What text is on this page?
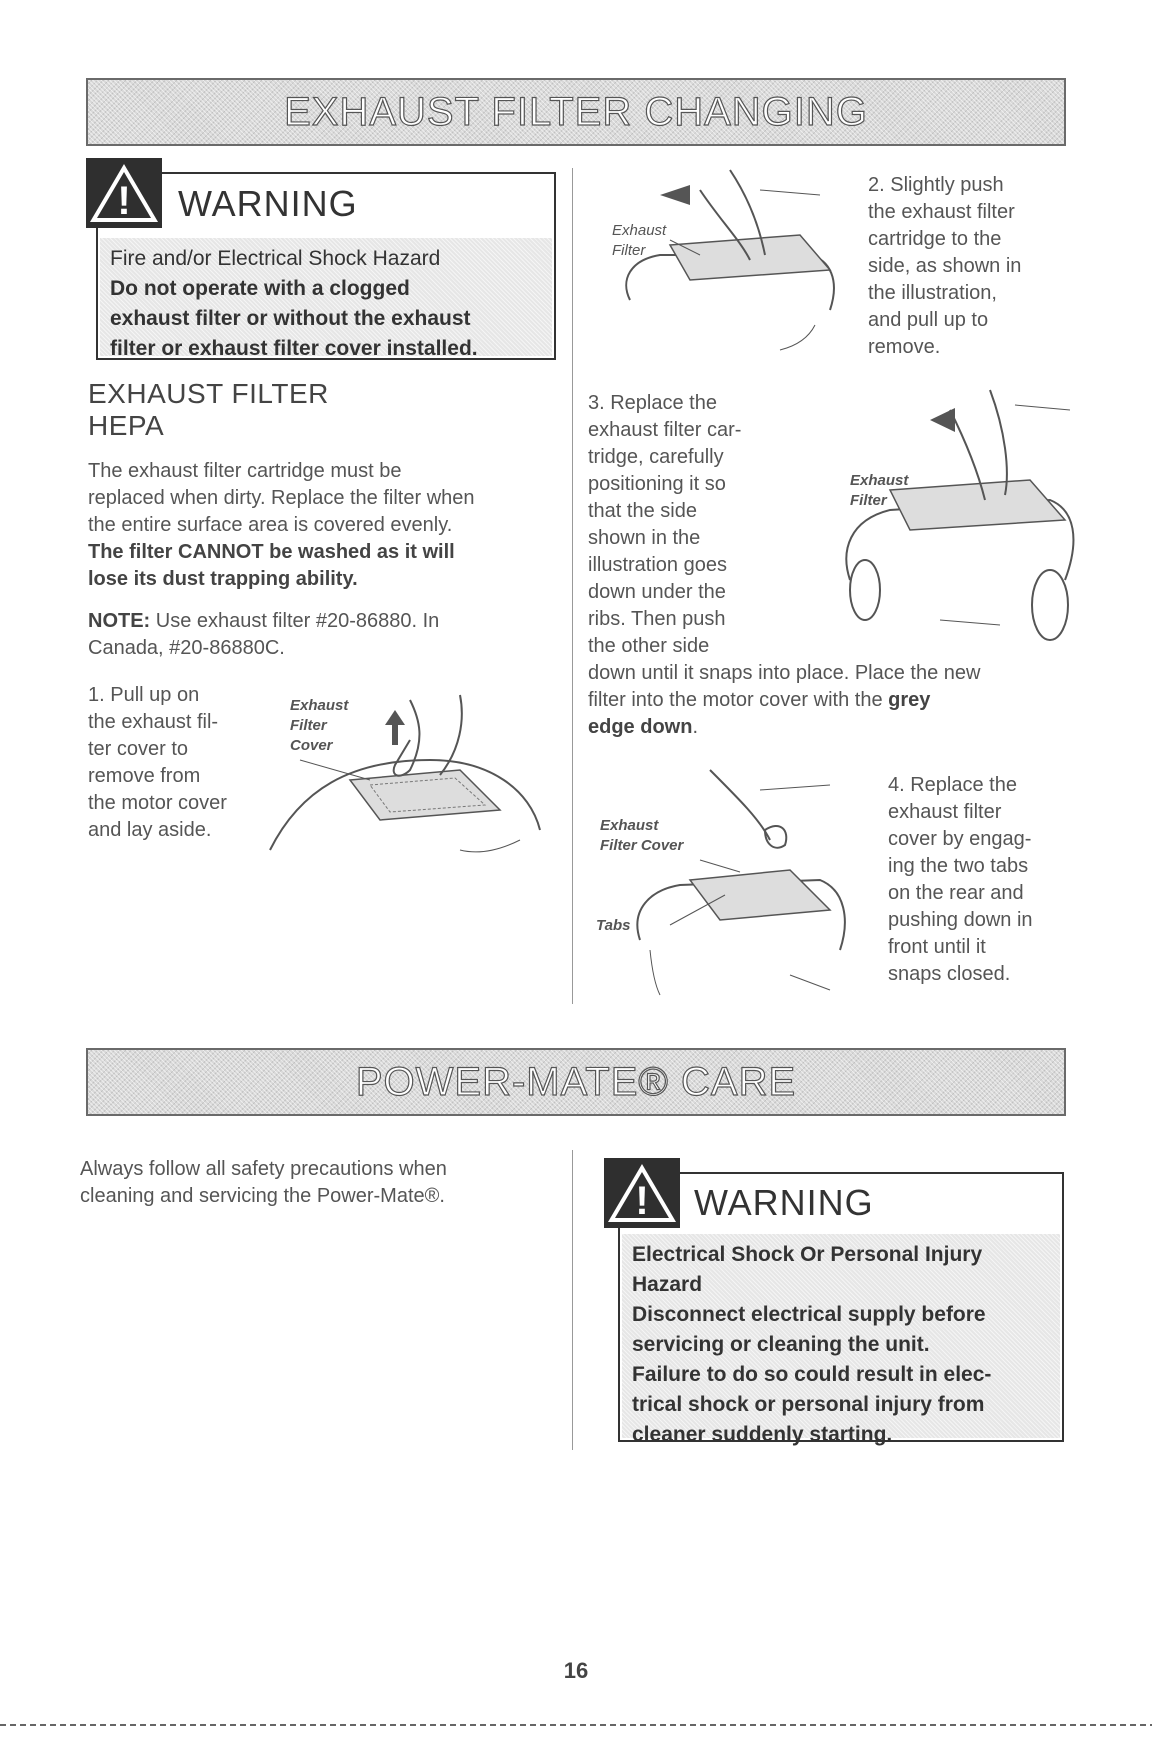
EXHAUST FILTER CHANGING
! WARNING
Fire and/or Electrical Shock Hazard
Do not operate with a clogged
exhaust filter or without the exhaust
filter or exhaust filter cover installed.
EXHAUST FILTER
HEPA
The exhaust filter cartridge must be
replaced when dirty. Replace the filter when
the entire surface area is covered evenly.
The filter CANNOT be washed as it will
lose its dust trapping ability.
NOTE: Use exhaust filter #20-86880. In
Canada, #20-86880C.
1. Pull up on
the exhaust fil-
ter cover to
remove from
the motor cover
and lay aside.
Exhaust
Filter
Cover
Exhaust
Filter
2. Slightly push
the exhaust filter
cartridge to the
side, as shown in
the illustration,
and pull up to
remove.
3. Replace the
exhaust filter car-
tridge, carefully
positioning it so
that the side
shown in the
illustration goes
down under the
ribs. Then push
the other side
down until it snaps into place. Place the new
filter into the motor cover with the grey
edge down.
Exhaust
Filter
Exhaust
Filter Cover
Tabs
4. Replace the
exhaust filter
cover by engag-
ing the two tabs
on the rear and
pushing down in
front until it
snaps closed.
POWER-MATE® CARE
Always follow all safety precautions when
cleaning and servicing the Power-Mate®.	! WARNING
Electrical Shock Or Personal Injury
Hazard
Disconnect electrical supply before
servicing or cleaning the unit.
Failure to do so could result in elec-
trical shock or personal injury from
cleaner suddenly starting.
16
